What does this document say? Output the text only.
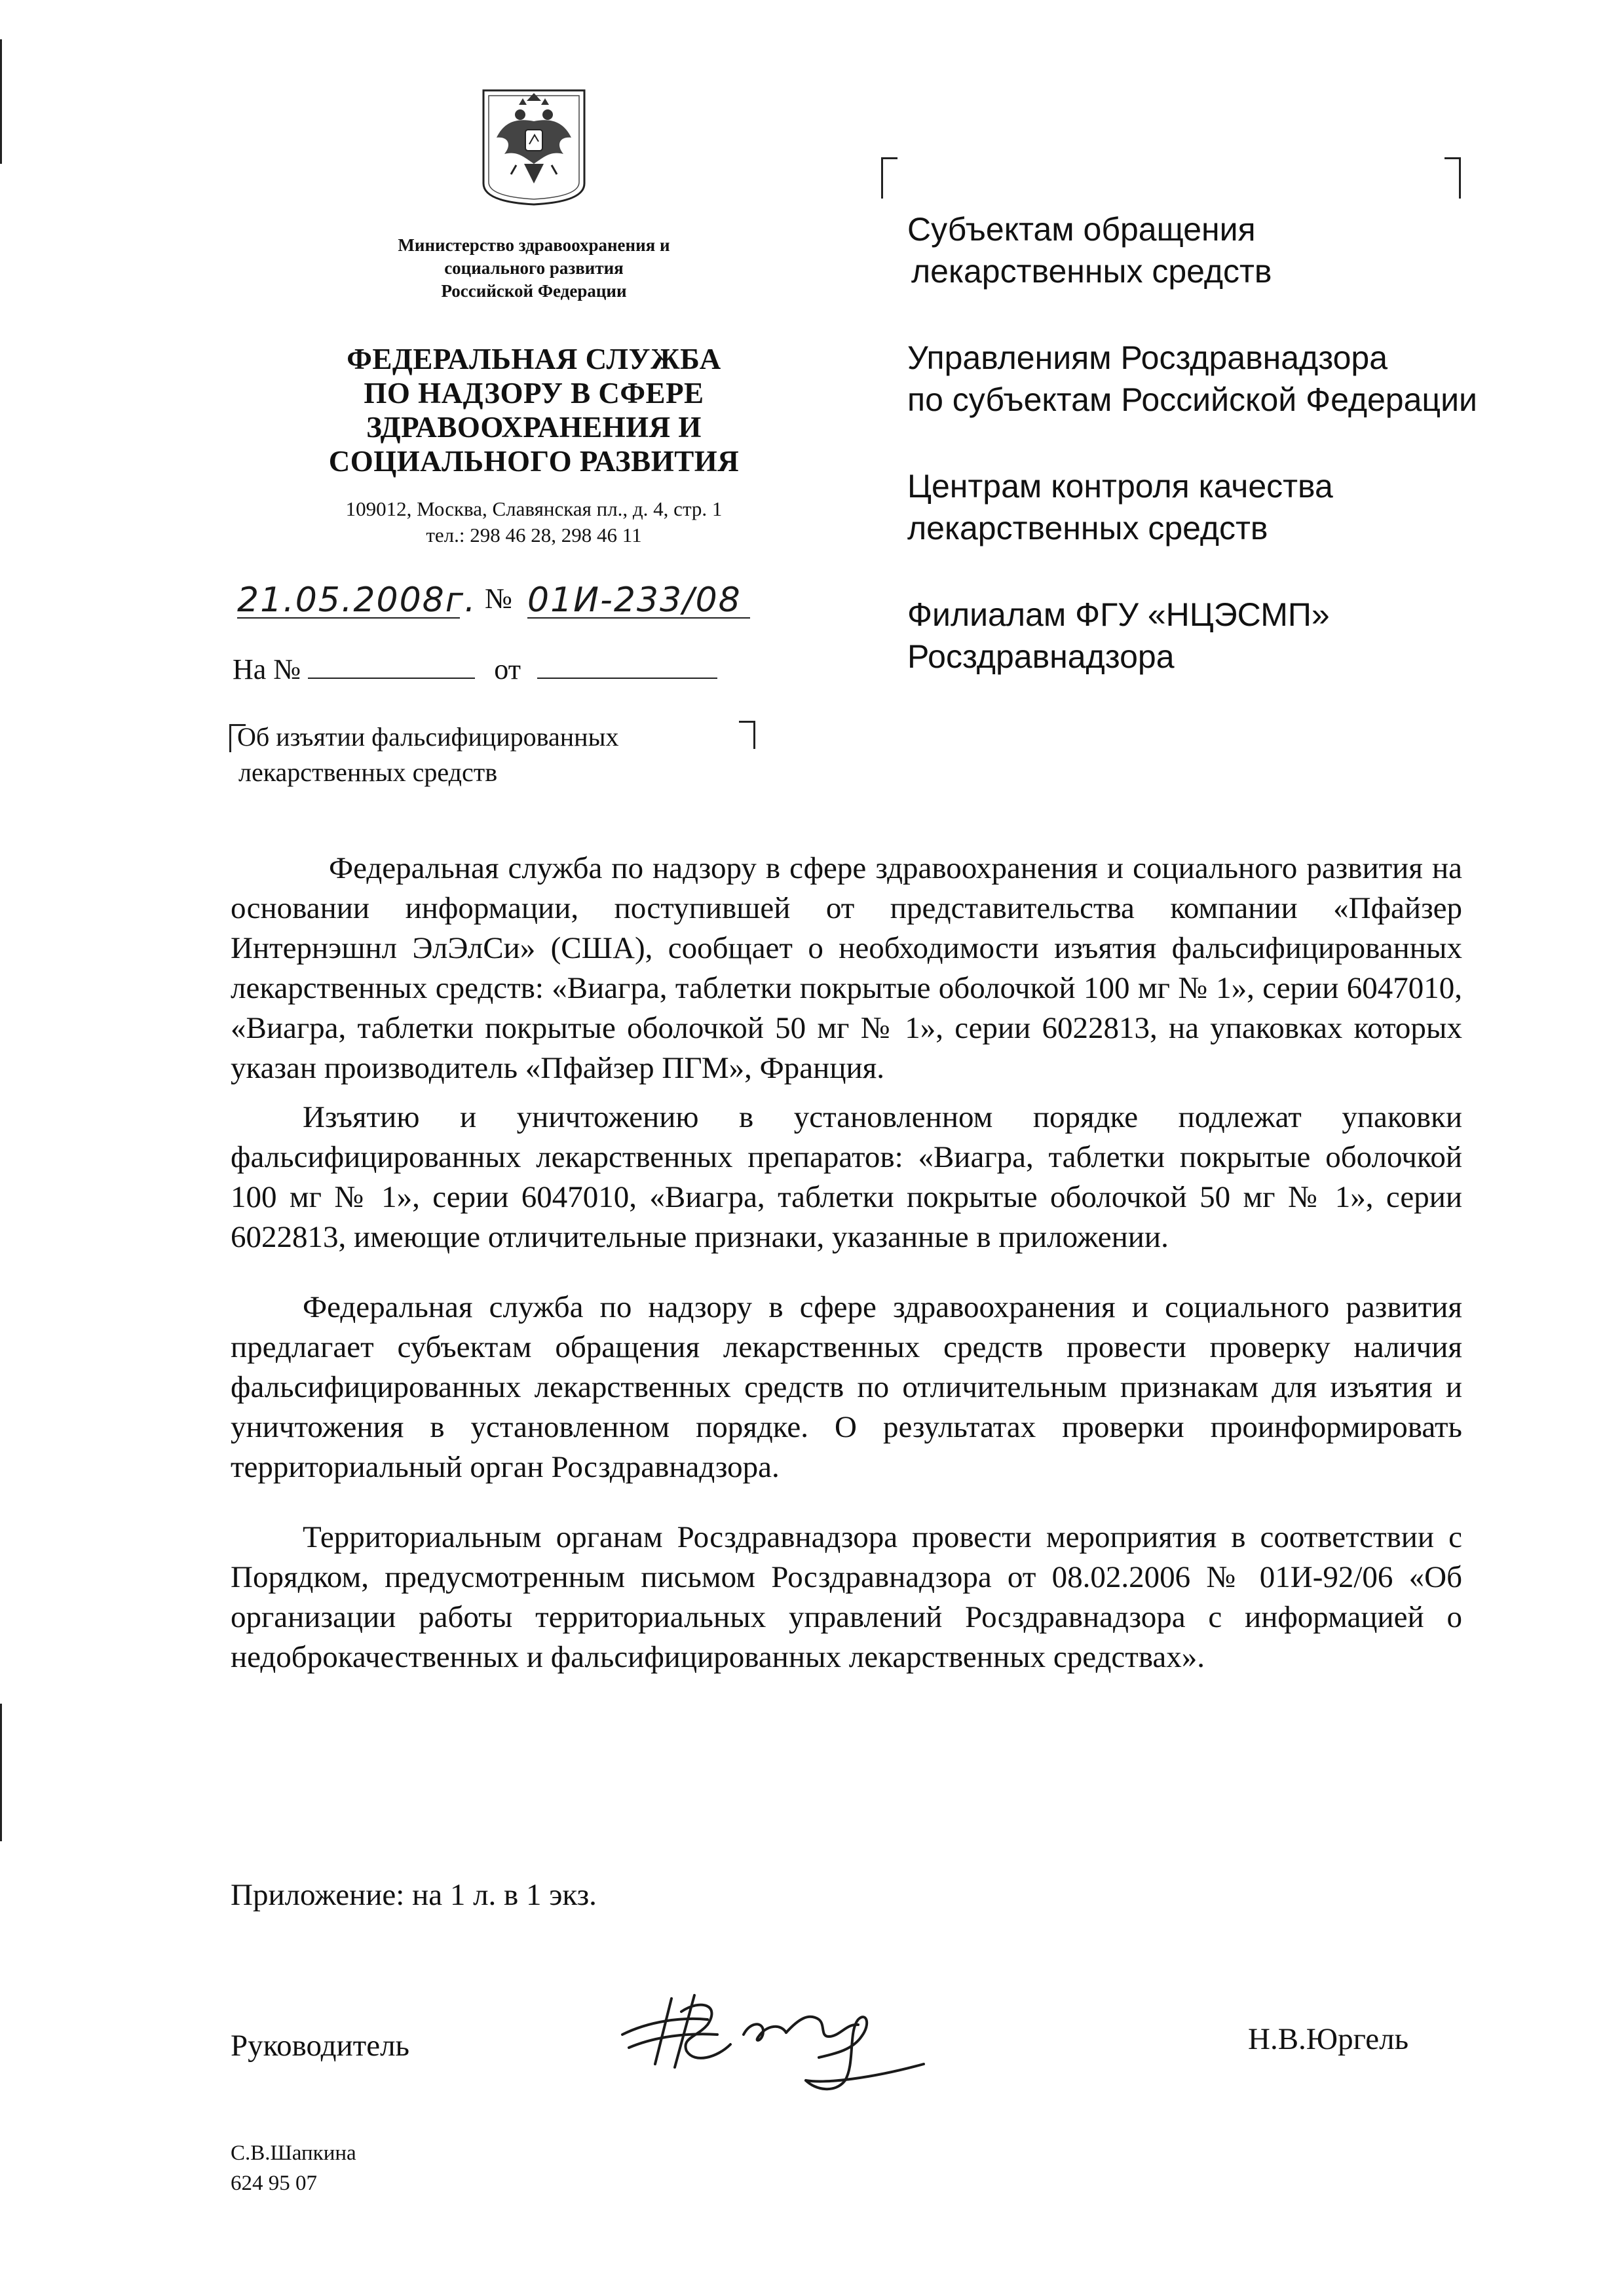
Министерство здравоохранения и
социального развития
Российской Федерации
ФЕДЕРАЛЬНАЯ СЛУЖБА
ПО НАДЗОРУ В СФЕРЕ
ЗДРАВООХРАНЕНИЯ И
СОЦИАЛЬНОГО РАЗВИТИЯ
109012, Москва, Славянская пл., д. 4, стр. 1
тел.: 298 46 28, 298 46 11
21.05.2008г. № 01И-233/08
На №	от
Об изъятии фальсифицированных
лекарственных средств
Субъектам обращения
лекарственных средств
Управлениям Росздравнадзора
по субъектам Российской Федерации
Центрам контроля качества
лекарственных средств
Филиалам ФГУ «НЦЭСМП»
Росздравнадзора

Федеральная служба по надзору в сфере здравоохранения и социального развития на основании информации, поступившей от представительства компании «Пфайзер Интернэшнл ЭлЭлСи» (США), сообщает о необходимости изъятия фальсифицированных лекарственных средств: «Виагра, таблетки покрытые оболочкой 100 мг № 1», серии 6047010, «Виагра, таблетки покрытые оболочкой 50 мг № 1», серии 6022813, на упаковках которых указан производитель «Пфайзер ПГМ», Франция.

Изъятию и уничтожению в установленном порядке подлежат упаковки фальсифицированных лекарственных препаратов: «Виагра, таблетки покрытые оболочкой 100 мг № 1», серии 6047010, «Виагра, таблетки покрытые оболочкой 50 мг № 1», серии 6022813, имеющие отличительные признаки, указанные в приложении.

Федеральная служба по надзору в сфере здравоохранения и социального развития предлагает субъектам обращения лекарственных средств провести проверку наличия фальсифицированных лекарственных средств по отличительным признакам для изъятия и уничтожения в установленном порядке. О результатах проверки проинформировать территориальный орган Росздравнадзора.

Территориальным органам Росздравнадзора провести мероприятия в соответствии с Порядком, предусмотренным письмом Росздравнадзора от 08.02.2006 № 01И-92/06 «Об организации работы территориальных управлений Росздравнадзора с информацией о недоброкачественных и фальсифицированных лекарственных средствах».

Приложение: на 1 л. в 1 экз.
Руководитель	Н.В.Юргель
С.В.Шапкина
624 95 07
